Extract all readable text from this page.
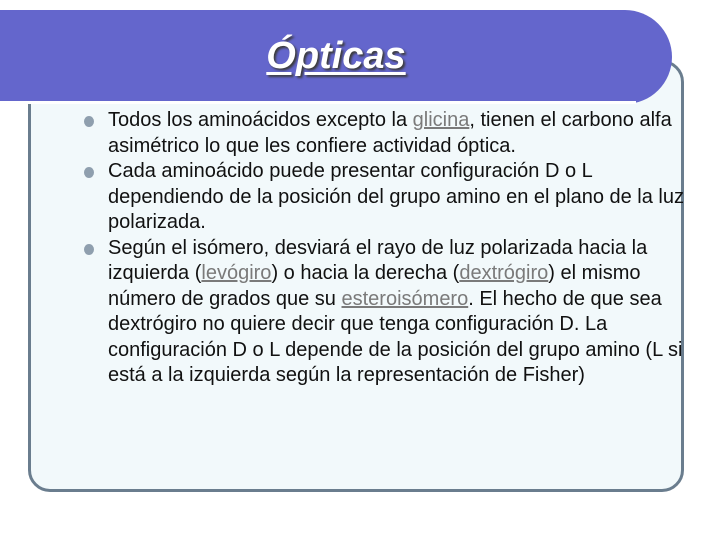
Ópticas
Todos los aminoácidos excepto la glicina, tienen el carbono alfa asimétrico lo que les confiere actividad óptica.
Cada aminoácido puede presentar configuración D o L dependiendo de la posición del grupo amino en el plano de la luz polarizada.
Según el isómero, desviará el rayo de luz polarizada hacia la izquierda (levógiro) o hacia la derecha (dextrógiro) el mismo número de grados que su esteroisómero. El hecho de que sea dextrógiro no quiere decir que tenga configuración D. La configuración D o L depende de la posición del grupo amino (L si está a la izquierda según la representación de Fisher)
